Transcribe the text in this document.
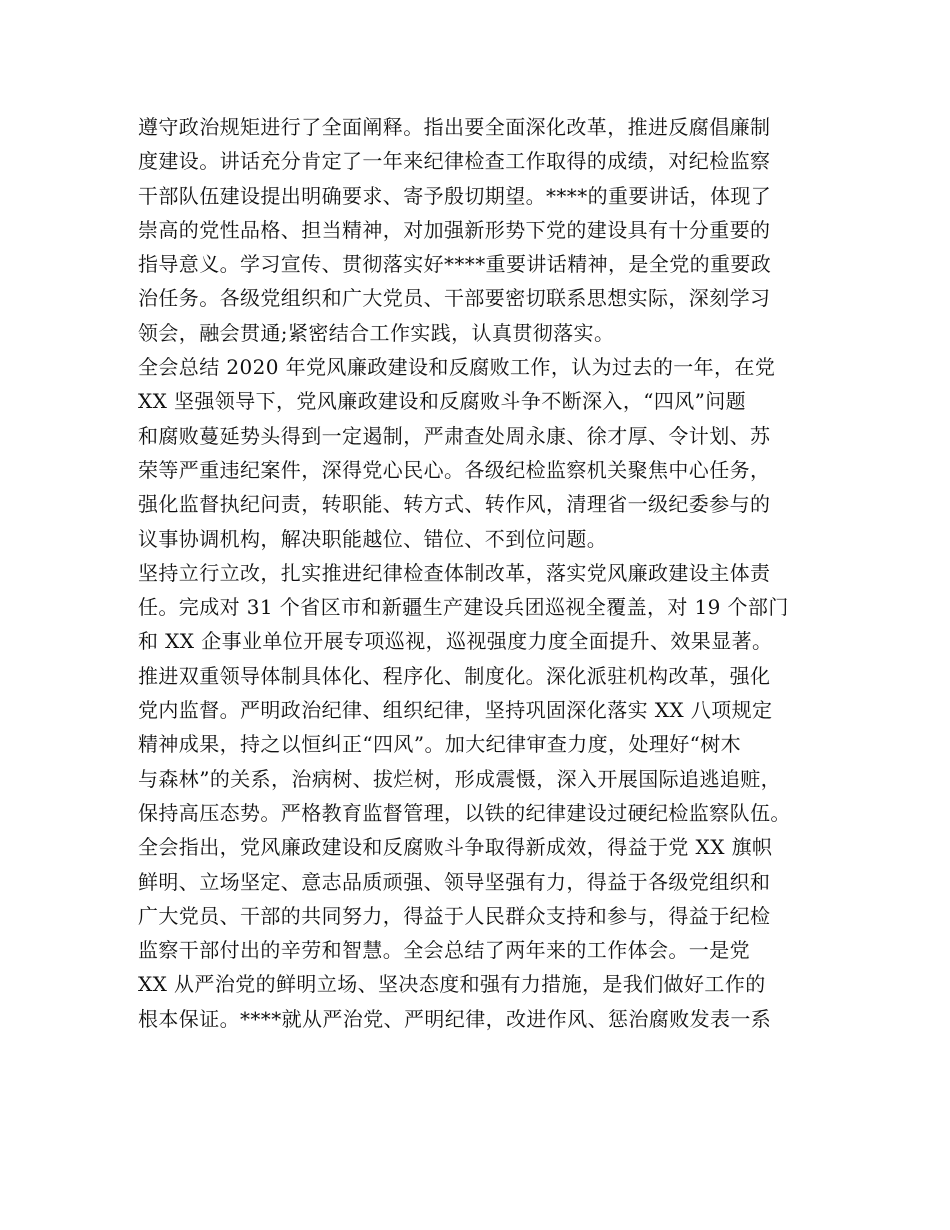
遵守政治规矩进行了全面阐释。指出要全面深化改革，推进反腐倡廉制
度建设。讲话充分肯定了一年来纪律检查工作取得的成绩，对纪检监察
干部队伍建设提出明确要求、寄予殷切期望。****的重要讲话，体现了
崇高的党性品格、担当精神，对加强新形势下党的建设具有十分重要的
指导意义。学习宣传、贯彻落实好****重要讲话精神，是全党的重要政
治任务。各级党组织和广大党员、干部要密切联系思想实际，深刻学习
领会，融会贯通;紧密结合工作实践，认真贯彻落实。
全会总结 2020 年党风廉政建设和反腐败工作，认为过去的一年，在党
XX 坚强领导下，党风廉政建设和反腐败斗争不断深入，“四风”问题
和腐败蔓延势头得到一定遏制，严肃查处周永康、徐才厚、令计划、苏
荣等严重违纪案件，深得党心民心。各级纪检监察机关聚焦中心任务，
强化监督执纪问责，转职能、转方式、转作风，清理省一级纪委参与的
议事协调机构，解决职能越位、错位、不到位问题。
坚持立行立改，扎实推进纪律检查体制改革，落实党风廉政建设主体责
任。完成对 31 个省区市和新疆生产建设兵团巡视全覆盖，对 19 个部门
和 XX 企事业单位开展专项巡视，巡视强度力度全面提升、效果显著。
推进双重领导体制具体化、程序化、制度化。深化派驻机构改革，强化
党内监督。严明政治纪律、组织纪律，坚持巩固深化落实 XX 八项规定
精神成果，持之以恒纠正“四风”。加大纪律审查力度，处理好“树木
与森林”的关系，治病树、拔烂树，形成震慑，深入开展国际追逃追赃，
保持高压态势。严格教育监督管理，以铁的纪律建设过硬纪检监察队伍。
全会指出，党风廉政建设和反腐败斗争取得新成效，得益于党 XX 旗帜
鲜明、立场坚定、意志品质顽强、领导坚强有力，得益于各级党组织和
广大党员、干部的共同努力，得益于人民群众支持和参与，得益于纪检
监察干部付出的辛劳和智慧。全会总结了两年来的工作体会。一是党
XX 从严治党的鲜明立场、坚决态度和强有力措施，是我们做好工作的
根本保证。****就从严治党、严明纪律，改进作风、惩治腐败发表一系
